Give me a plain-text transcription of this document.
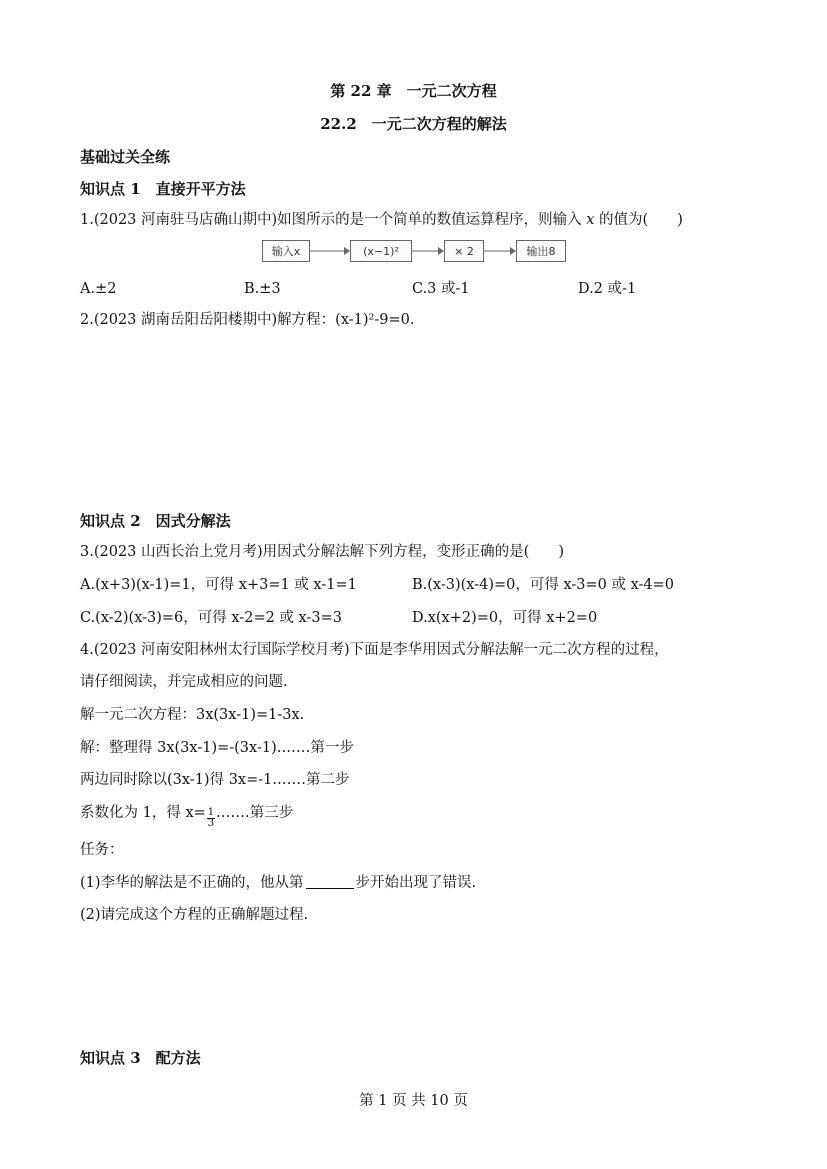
第 22 章　一元二次方程
22.2　一元二次方程的解法
基础过关全练
知识点 1　直接开平方法
1.(2023 河南驻马店确山期中)如图所示的是一个简单的数值运算程序，则输入 x 的值为(　　)
输入x	(x−1)²	× 2	输出8
A.±2	B.±3	C.3 或-1	D.2 或-1
2.(2023 湖南岳阳岳阳楼期中)解方程：(x-1)²-9=0.
知识点 2　因式分解法
3.(2023 山西长治上党月考)用因式分解法解下列方程，变形正确的是(　　)
A.(x+3)(x-1)=1，可得 x+3=1 或 x-1=1	B.(x-3)(x-4)=0，可得 x-3=0 或 x-4=0
C.(x-2)(x-3)=6，可得 x-2=2 或 x-3=3	D.x(x+2)=0，可得 x+2=0
4.(2023 河南安阳林州太行国际学校月考)下面是李华用因式分解法解一元二次方程的过程，
请仔细阅读，并完成相应的问题.
解一元二次方程：3x(3x-1)=1-3x.
解：整理得 3x(3x-1)=-(3x-1).……第一步
两边同时除以(3x-1)得 3x=-1.……第二步
系数化为 1，得 $x= \frac{1}{3}$ .……第三步
任务：
(1)李华的解法是不正确的，他从第	步开始出现了错误.
(2)请完成这个方程的正确解题过程.
知识点 3　配方法
第 1 页 共 10 页
